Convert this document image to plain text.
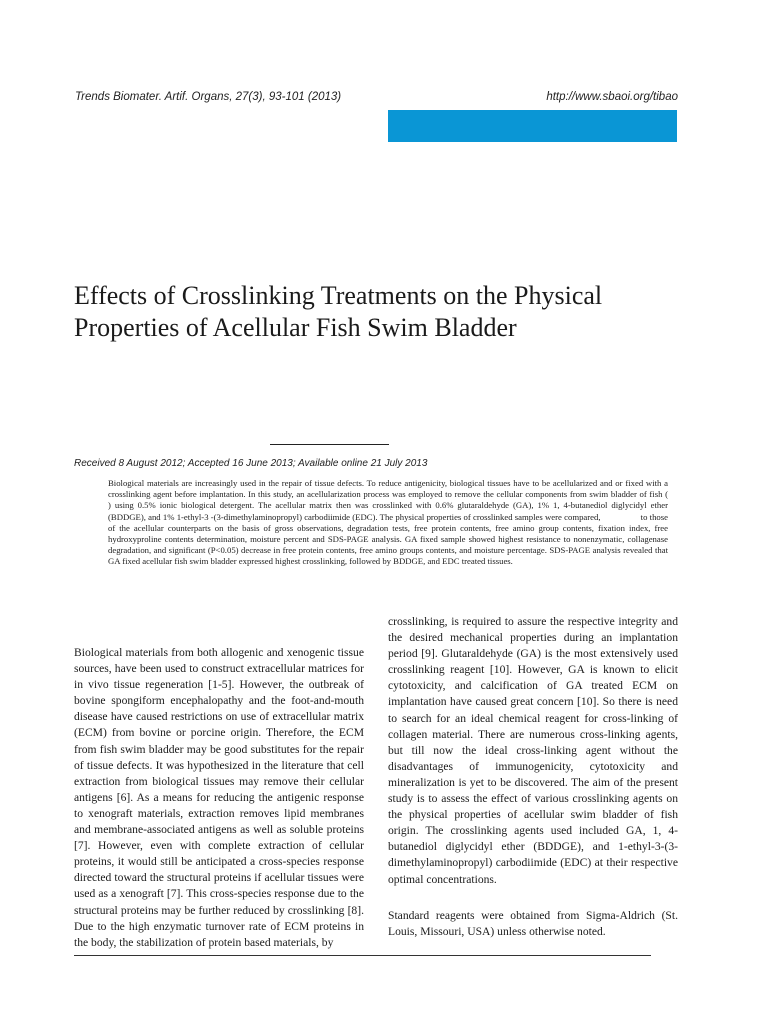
Trends Biomater. Artif. Organs, 27(3), 93-101 (2013)	http://www.sbaoi.org/tibao
Effects of Crosslinking Treatments on the Physical Properties of Acellular Fish Swim Bladder
Received 8 August 2012; Accepted 16 June 2013; Available online 21 July 2013

Biological materials are increasingly used in the repair of tissue defects. To reduce antigenicity, biological tissues have to be acellularized and or fixed with a crosslinking agent before implantation. In this study, an acellularization process was employed to remove the cellular components from swim bladder of fish (                    ) using 0.5% ionic biological detergent. The acellular matrix then was crosslinked with 0.6% glutaraldehyde (GA), 1% 1, 4-butanediol diglycidyl ether (BDDGE), and 1% 1-ethyl-3 -(3-dimethylaminopropyl) carbodiimide (EDC). The physical properties of crosslinked samples were compared,                  to those of the acellular counterparts on the basis of gross observations, degradation tests, free protein contents, free amino group contents, fixation index, free hydroxyproline contents determination, moisture percent and SDS-PAGE analysis. GA fixed sample showed highest resistance to nonenzymatic, collagenase degradation, and significant (P<0.05) decrease in free protein contents, free amino groups contents, and moisture percentage. SDS-PAGE analysis revealed that GA fixed acellular fish swim bladder expressed highest crosslinking, followed by BDDGE, and EDC treated tissues.

Biological materials from both allogenic and xenogenic tissue sources, have been used to construct extracellular matrices for in vivo tissue regeneration [1-5]. However, the outbreak of bovine spongiform encephalopathy and the foot-and-mouth disease have caused restrictions on use of extracellular matrix (ECM) from bovine or porcine origin. Therefore, the ECM from fish swim bladder may be good substitutes for the repair of tissue defects. It was hypothesized in the literature that cell extraction from biological tissues may remove their cellular antigens [6]. As a means for reducing the antigenic response to xenograft materials, extraction removes lipid membranes and membrane-associated antigens as well as soluble proteins [7]. However, even with complete extraction of cellular proteins, it would still be anticipated a cross-species response directed toward the structural proteins if acellular tissues were used as a xenograft [7]. This cross-species response due to the structural proteins may be further reduced by crosslinking [8]. Due to the high enzymatic turnover rate of ECM proteins in the body, the stabilization of protein based materials, by

crosslinking, is required to assure the respective integrity and the desired mechanical properties during an implantation period [9]. Glutaraldehyde (GA) is the most extensively used crosslinking reagent [10]. However, GA is known to elicit cytotoxicity, and calcification of GA treated ECM on implantation have caused great concern [10]. So there is need to search for an ideal chemical reagent for cross-linking of collagen material. There are numerous cross-linking agents, but till now the ideal cross-linking agent without the disadvantages of immunogenicity, cytotoxicity and mineralization is yet to be discovered. The aim of the present study is to assess the effect of various crosslinking agents on the physical properties of acellular swim bladder of fish origin. The crosslinking agents used included GA, 1, 4-butanediol diglycidyl ether (BDDGE), and 1-ethyl-3-(3-dimethylaminopropyl) carbodiimide (EDC) at their respective optimal concentrations.

Standard reagents were obtained from Sigma-Aldrich (St. Louis, Missouri, USA) unless otherwise noted.
